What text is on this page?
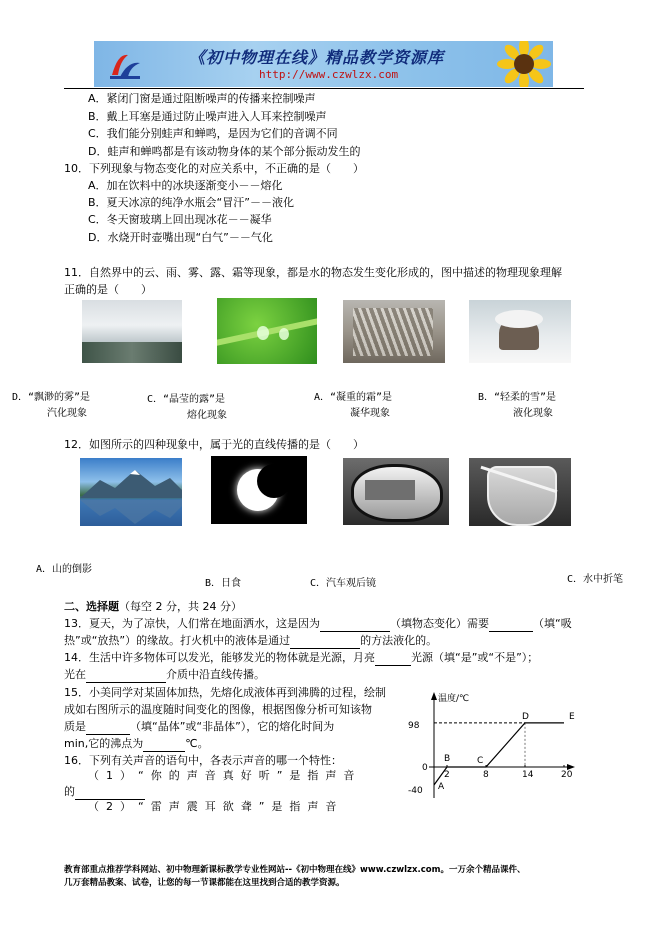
《初中物理在线》精品教学资源库
http://www.czwlzx.com
A．紧闭门窗是通过阻断噪声的传播来控制噪声
B．戴上耳塞是通过防止噪声进入人耳来控制噪声
C．我们能分别蛙声和蝉鸣，是因为它们的音调不同
D．蛙声和蝉鸣都是有该动物身体的某个部分振动发生的
10．下列现象与物态变化的对应关系中，不正确的是（　　）
A．加在饮料中的冰块逐渐变小－－熔化
B．夏天冰凉的纯净水瓶会“冒汗”－－液化
C．冬天窗玻璃上回出现冰花－－凝华
D．水烧开时壶嘴出现“白气”－－气化
11．自然界中的云、雨、雾、露、霜等现象，都是水的物态发生变化形成的，图中描述的物理现象理解
正确的是（　　）
D．“飘渺的雾”是
汽化现象
C．“晶莹的露”是
熔化现象
A．“凝重的霜”是
凝华现象
B．“轻柔的雪”是
液化现象
12．如图所示的四种现象中，属于光的直线传播的是（　　）
A．山的倒影
B．日食	C．汽车观后镜	C．水中折笔
二、选择题（每空 2 分，共 24 分）
13．夏天，为了凉快，人们常在地面洒水，这是因为	（填物态变化）需要	（填“吸
热”或“放热”）的缘故。打火机中的液体是通过	的方法液化的。
14．生活中许多物体可以发光，能够发光的物体就是光源，月亮	光源（填“是”或“不是”）；
光在	介质中沿直线传播。
15．小美同学对某固体加热，先熔化成液体再到沸腾的过程，绘制
成如右图所示的温度随时间变化的图像，根据图像分析可知该物
质是	（填“晶体”或“非晶体”），它的熔化时间为
min,它的沸点为	℃。
16．下列有关声音的语句中，各表示声音的哪一个特性：
（1）“你的声音真好听”是指声音
的
（2）“雷声震耳欲聋”是指声音
温度/℃
98
0
-40
2	8	14	20
A
B	C
D	E
教育部重点推荐学科网站、初中物理新课标教学专业性网站--《初中物理在线》www.czwlzx.com。一万余个精品课件、
几万套精品教案、试卷，让您的每一节课都能在这里找到合适的教学资源。
